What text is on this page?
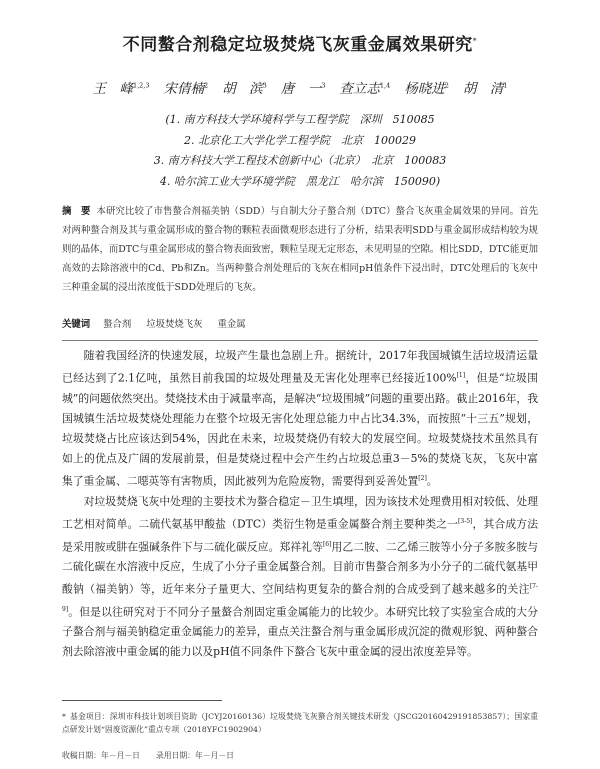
不同螯合剂稳定垃圾焚烧飞灰重金属效果研究*
王　峰$^{1,2,3}$ 宋倩楠$^2$ 胡　滨$^3$ 唐　一$^3$ 查立志$^{1,4}$ 杨晓进$^2$ 胡　清$^1$
(1. 南方科技大学环境科学与工程学院　深圳　510085
2. 北京化工大学化学工程学院　北京　100029
3. 南方科技大学工程技术创新中心（北京）　北京　100083
4. 哈尔滨工业大学环境学院　黑龙江　哈尔滨　150090)
摘　要 本研究比较了市售螯合剂福美钠（SDD）与自制大分子螯合剂（DTC）螯合飞灰重金属效果的异同。首先对两种螯合剂及其与重金属形成的螯合物的颗粒表面微观形态进行了分析，结果表明SDD与重金属形成结构较为规则的晶体，而DTC与重金属形成的螯合物表面致密，颗粒呈现无定形态，未见明显的空隙。相比SDD，DTC能更加高效的去除溶液中的Cd、Pb和Zn。当两种螯合剂处理后的飞灰在相同pH值条件下浸出时，DTC处理后的飞灰中三种重金属的浸出浓度低于SDD处理后的飞灰。
关键词 螯合剂 垃圾焚烧飞灰 重金属
随着我国经济的快速发展，垃圾产生量也急剧上升。据统计，2017年我国城镇生活垃圾清运量已经达到了2.1亿吨，虽然目前我国的垃圾处理量及无害化处理率已经接近100%[1]，但是“垃圾围城”的问题依然突出。焚烧技术由于减量率高，是解决“垃圾围城”问题的重要出路。截止2016年，我国城镇生活垃圾焚烧处理能力在整个垃圾无害化处理总能力中占比34.3%，而按照“十三五”规划，垃圾焚烧占比应该达到54%，因此在未来，垃圾焚烧仍有较大的发展空间。垃圾焚烧技术虽然具有如上的优点及广阔的发展前景，但是焚烧过程中会产生约占垃圾总重3－5%的焚烧飞灰，飞灰中富集了重金属、二噁英等有害物质，因此被列为危险废物，需要得到妥善处置[2]。
对垃圾焚烧飞灰中处理的主要技术为螯合稳定－卫生填埋，因为该技术处理费用相对较低、处理工艺相对简单。二硫代氨基甲酸盐（DTC）类衍生物是重金属螯合剂主要种类之一[3-5]，其合成方法是采用胺或肼在强碱条件下与二硫化碳反应。郑祥礼等[6]用乙二胺、二乙烯三胺等小分子多胺多胺与二硫化碳在水溶液中反应，生成了小分子重金属螯合剂。目前市售螯合剂多为小分子的二硫代氨基甲酸钠（福美钠）等，近年来分子量更大、空间结构更复杂的螯合剂的合成受到了越来越多的关注[7-9]。但是以往研究对于不同分子量螯合剂固定重金属能力的比较少。本研究比较了实验室合成的大分子螯合剂与福美钠稳定重金属能力的差异，重点关注螯合剂与重金属形成沉淀的微观形貌、两种螯合剂去除溶液中重金属的能力以及pH值不同条件下螯合飞灰中重金属的浸出浓度差异等。
* 基金项目：深圳市科技计划项目资助（JCYJ20160136）垃圾焚烧飞灰螯合剂关键技术研发（JSCG20160429191853857）；国家重点研发计划“固废资源化”重点专项（2018YFC1902904）
收稿日期：年－月－日 录用日期：年－月－日
